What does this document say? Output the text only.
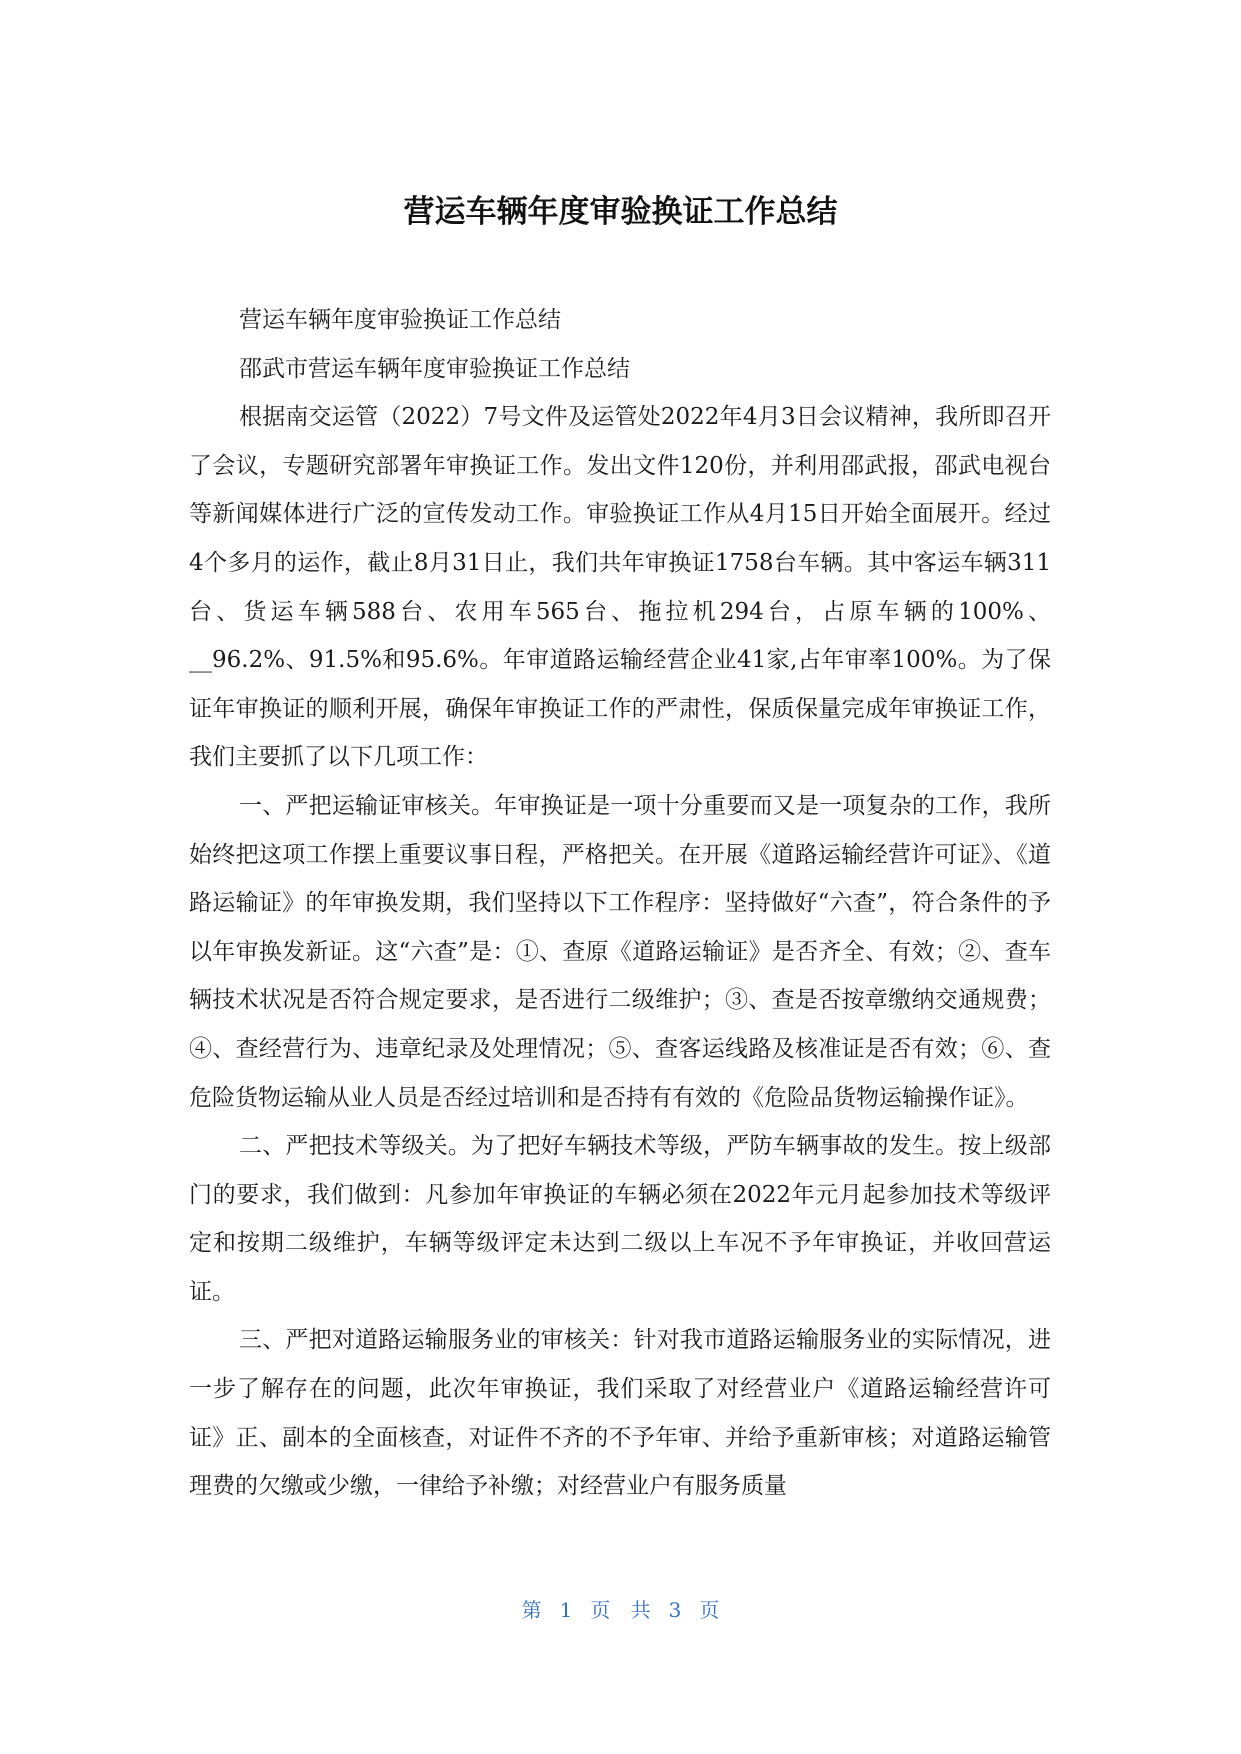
营运车辆年度审验换证工作总结

营运车辆年度审验换证工作总结

邵武市营运车辆年度审验换证工作总结

根据南交运管（2022）7号文件及运管处2022年4月3日会议精神，我所即召开了会议，专题研究部署年审换证工作。发出文件120份，并利用邵武报，邵武电视台等新闻媒体进行广泛的宣传发动工作。审验换证工作从4月15日开始全面展开。经过4个多月的运作，截止8月31日止，我们共年审换证1758台车辆。其中客运车辆311台、货运车辆588台、农用车565台、拖拉机294台，占原车辆的100%、__96.2%、91.5%和95.6%。年审道路运输经营企业41家,占年审率100%。为了保证年审换证的顺利开展，确保年审换证工作的严肃性，保质保量完成年审换证工作，我们主要抓了以下几项工作：

一、严把运输证审核关。年审换证是一项十分重要而又是一项复杂的工作，我所始终把这项工作摆上重要议事日程，严格把关。在开展《道路运输经营许可证》、《道路运输证》的年审换发期，我们坚持以下工作程序：坚持做好“六查”，符合条件的予以年审换发新证。这“六查”是：①、查原《道路运输证》是否齐全、有效；②、查车辆技术状况是否符合规定要求，是否进行二级维护；③、查是否按章缴纳交通规费；④、查经营行为、违章纪录及处理情况；⑤、查客运线路及核准证是否有效；⑥、查危险货物运输从业人员是否经过培训和是否持有有效的《危险品货物运输操作证》。

二、严把技术等级关。为了把好车辆技术等级，严防车辆事故的发生。按上级部门的要求，我们做到：凡参加年审换证的车辆必须在2022年元月起参加技术等级评定和按期二级维护，车辆等级评定未达到二级以上车况不予年审换证，并收回营运证。

三、严把对道路运输服务业的审核关：针对我市道路运输服务业的实际情况，进一步了解存在的问题，此次年审换证，我们采取了对经营业户《道路运输经营许可证》正、副本的全面核查，对证件不齐的不予年审、并给予重新审核；对道路运输管理费的欠缴或少缴，一律给予补缴；对经营业户有服务质量

第 1 页 共 3 页
